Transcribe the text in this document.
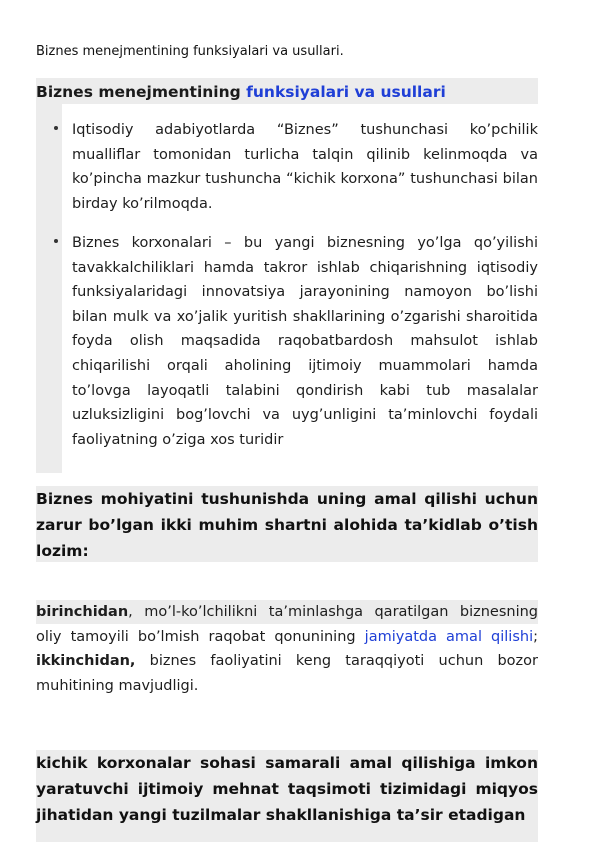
Biznes menejmentining funksiyalari va usullari.
Biznes menejmentining funksiyalari va usullari
Iqtisodiy adabiyotlarda “Biznes” tushunchasi ko’pchilik mualliflar tomonidan turlicha talqin qilinib kelinmoqda va ko’pincha mazkur tushuncha “kichik korxona” tushunchasi bilan birday ko’rilmoqda.
Biznes korxonalari – bu yangi biznesning yo’lga qo’yilishi tavakkalchiliklari hamda takror ishlab chiqarishning iqtisodiy funksiyalaridagi innovatsiya jarayonining namoyon bo’lishi bilan mulk va xo’jalik yuritish shakllarining o’zgarishi sharoitida foyda olish maqsadida raqobatbardosh mahsulot ishlab chiqarilishi orqali aholining ijtimoiy muammolari hamda to’lovga layoqatli talabini qondirish kabi tub masalalar uzluksizligini bog’lovchi va uyg’unligini ta’minlovchi foydali faoliyatning o’ziga xos turidir
Biznes mohiyatini tushunishda uning amal qilishi uchun zarur bo’lgan ikki muhim shartni alohida ta’kidlab o’tish lozim:
birinchidan, mo’l-ko’lchilikni ta’minlashga qaratilgan biznesning oliy tamoyili bo’lmish raqobat qonunining jamiyatda amal qilishi; ikkinchidan, biznes faoliyatini keng taraqqiyoti uchun bozor muhitining mavjudligi.
kichik korxonalar sohasi samarali amal qilishiga imkon yaratuvchi ijtimoiy mehnat taqsimoti tizimidagi miqyos jihatidan yangi tuzilmalar shakllanishiga ta’sir etadigan
